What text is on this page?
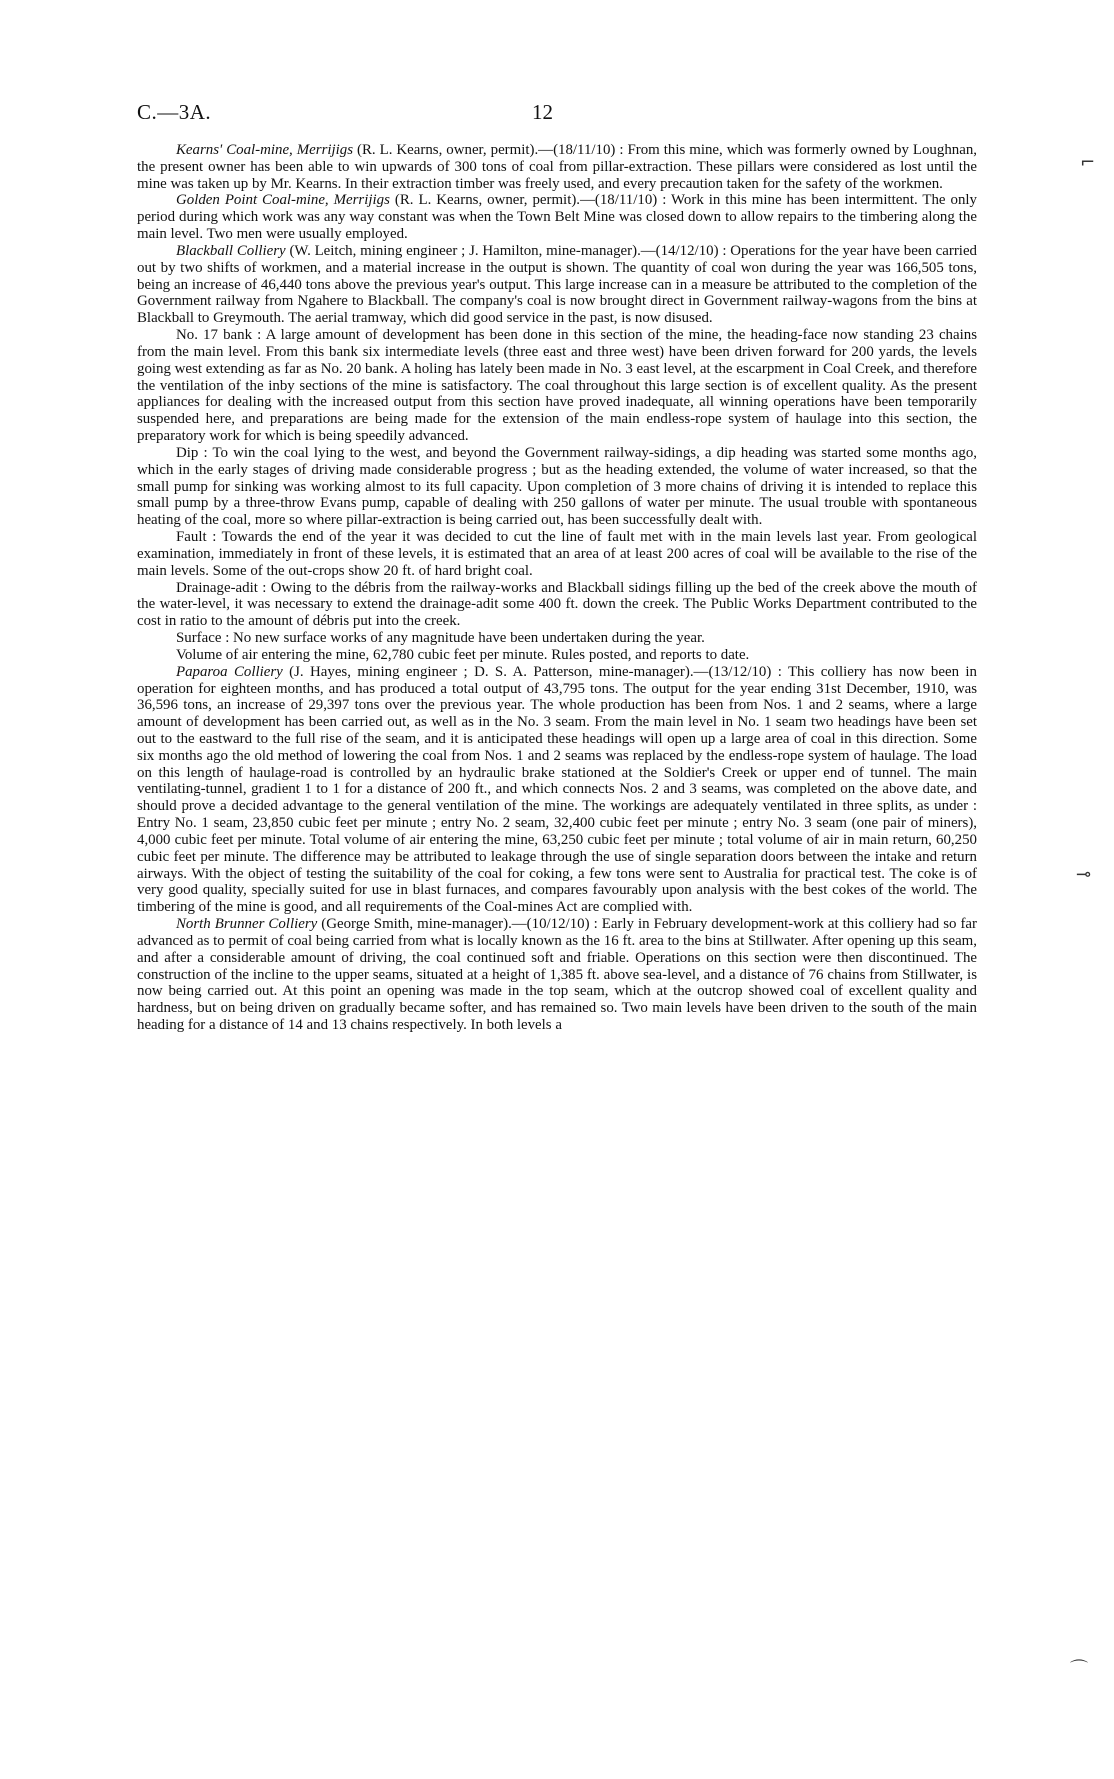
C.—3A.	12

Kearns' Coal-mine, Merrijigs (R. L. Kearns, owner, permit).—(18/11/10) : From this mine, which was formerly owned by Loughnan, the present owner has been able to win upwards of 300 tons of coal from pillar-extraction. These pillars were considered as lost until the mine was taken up by Mr. Kearns. In their extraction timber was freely used, and every precaution taken for the safety of the workmen.

Golden Point Coal-mine, Merrijigs (R. L. Kearns, owner, permit).—(18/11/10) : Work in this mine has been intermittent. The only period during which work was any way constant was when the Town Belt Mine was closed down to allow repairs to the timbering along the main level. Two men were usually employed.

Blackball Colliery (W. Leitch, mining engineer ; J. Hamilton, mine-manager).—(14/12/10) : Operations for the year have been carried out by two shifts of workmen, and a material increase in the output is shown. The quantity of coal won during the year was 166,505 tons, being an increase of 46,440 tons above the previous year's output. This large increase can in a measure be attributed to the completion of the Government railway from Ngahere to Blackball. The company's coal is now brought direct in Government railway-wagons from the bins at Blackball to Greymouth. The aerial tramway, which did good service in the past, is now disused.

No. 17 bank : A large amount of development has been done in this section of the mine, the heading-face now standing 23 chains from the main level. From this bank six intermediate levels (three east and three west) have been driven forward for 200 yards, the levels going west extending as far as No. 20 bank. A holing has lately been made in No. 3 east level, at the escarpment in Coal Creek, and therefore the ventilation of the inby sections of the mine is satisfactory. The coal throughout this large section is of excellent quality. As the present appliances for dealing with the increased output from this section have proved inadequate, all winning operations have been temporarily suspended here, and preparations are being made for the extension of the main endless-rope system of haulage into this section, the preparatory work for which is being speedily advanced.

Dip : To win the coal lying to the west, and beyond the Government railway-sidings, a dip heading was started some months ago, which in the early stages of driving made considerable progress ; but as the heading extended, the volume of water increased, so that the small pump for sinking was working almost to its full capacity. Upon completion of 3 more chains of driving it is intended to replace this small pump by a three-throw Evans pump, capable of dealing with 250 gallons of water per minute. The usual trouble with spontaneous heating of the coal, more so where pillar-extraction is being carried out, has been successfully dealt with.

Fault : Towards the end of the year it was decided to cut the line of fault met with in the main levels last year. From geological examination, immediately in front of these levels, it is estimated that an area of at least 200 acres of coal will be available to the rise of the main levels. Some of the out-crops show 20 ft. of hard bright coal.

Drainage-adit : Owing to the débris from the railway-works and Blackball sidings filling up the bed of the creek above the mouth of the water-level, it was necessary to extend the drainage-adit some 400 ft. down the creek. The Public Works Department contributed to the cost in ratio to the amount of débris put into the creek.

Surface : No new surface works of any magnitude have been undertaken during the year.

Volume of air entering the mine, 62,780 cubic feet per minute. Rules posted, and reports to date.

Paparoa Colliery (J. Hayes, mining engineer ; D. S. A. Patterson, mine-manager).—(13/12/10) : This colliery has now been in operation for eighteen months, and has produced a total output of 43,795 tons. The output for the year ending 31st December, 1910, was 36,596 tons, an increase of 29,397 tons over the previous year. The whole production has been from Nos. 1 and 2 seams, where a large amount of development has been carried out, as well as in the No. 3 seam. From the main level in No. 1 seam two headings have been set out to the eastward to the full rise of the seam, and it is anticipated these headings will open up a large area of coal in this direction. Some six months ago the old method of lowering the coal from Nos. 1 and 2 seams was replaced by the endless-rope system of haulage. The load on this length of haulage-road is controlled by an hydraulic brake stationed at the Soldier's Creek or upper end of tunnel. The main ventilating-tunnel, gradient 1 to 1 for a distance of 200 ft., and which connects Nos. 2 and 3 seams, was completed on the above date, and should prove a decided advantage to the general ventilation of the mine. The workings are adequately ventilated in three splits, as under : Entry No. 1 seam, 23,850 cubic feet per minute ; entry No. 2 seam, 32,400 cubic feet per minute ; entry No. 3 seam (one pair of miners), 4,000 cubic feet per minute. Total volume of air entering the mine, 63,250 cubic feet per minute ; total volume of air in main return, 60,250 cubic feet per minute. The difference may be attributed to leakage through the use of single separation doors between the intake and return airways. With the object of testing the suitability of the coal for coking, a few tons were sent to Australia for practical test. The coke is of very good quality, specially suited for use in blast furnaces, and compares favourably upon analysis with the best cokes of the world. The timbering of the mine is good, and all requirements of the Coal-mines Act are complied with.

North Brunner Colliery (George Smith, mine-manager).—(10/12/10) : Early in February development-work at this colliery had so far advanced as to permit of coal being carried from what is locally known as the 16 ft. area to the bins at Stillwater. After opening up this seam, and after a considerable amount of driving, the coal continued soft and friable. Operations on this section were then discontinued. The construction of the incline to the upper seams, situated at a height of 1,385 ft. above sea-level, and a distance of 76 chains from Stillwater, is now being carried out. At this point an opening was made in the top seam, which at the outcrop showed coal of excellent quality and hardness, but on being driven on gradually became softer, and has remained so. Two main levels have been driven to the south of the main heading for a distance of 14 and 13 chains respectively. In both levels a

⌐
⊸
⌒
